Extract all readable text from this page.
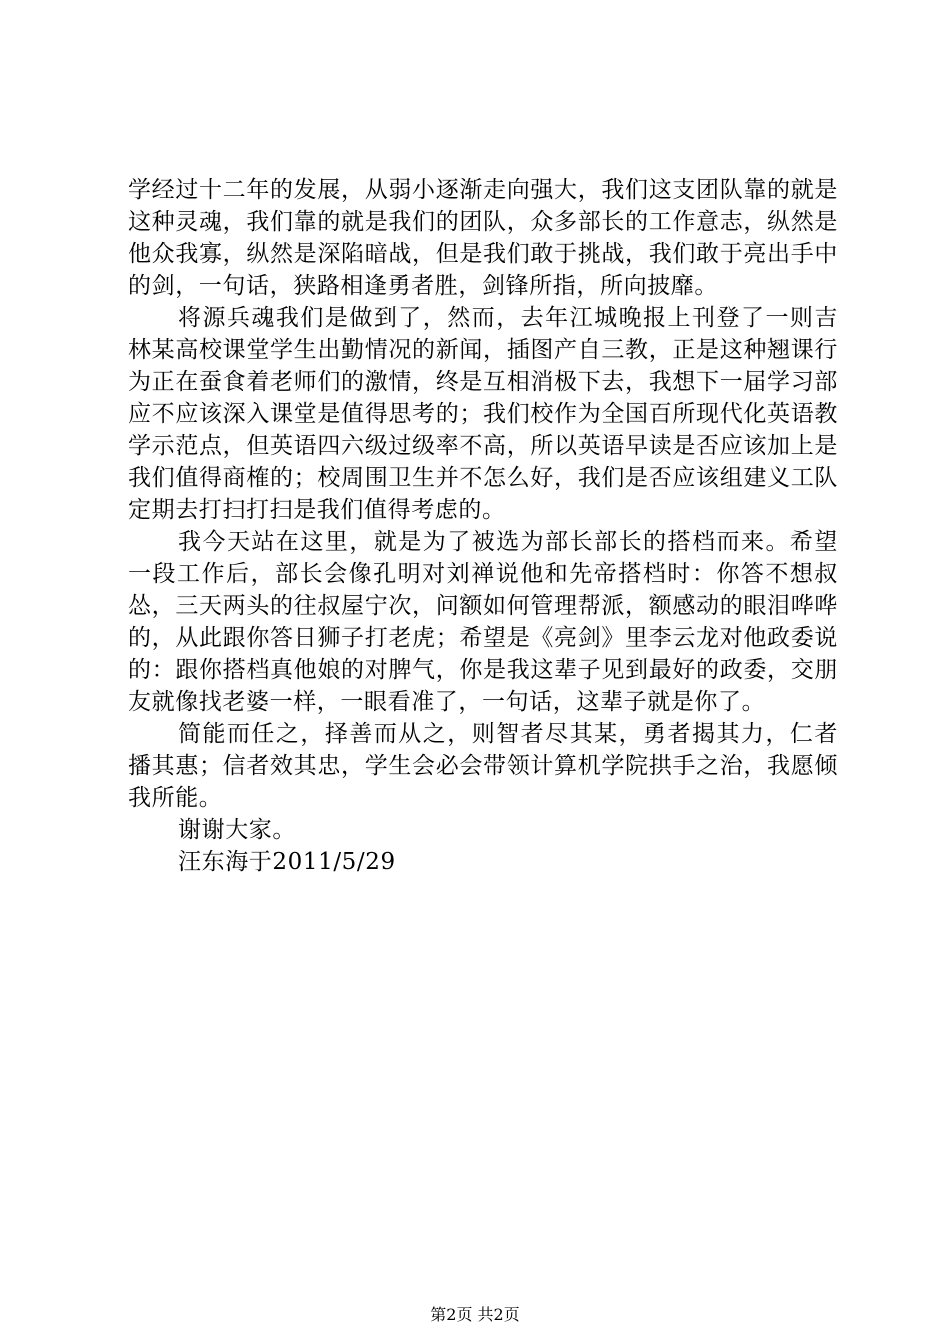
学经过十二年的发展，从弱小逐渐走向强大，我们这支团队靠的就是这种灵魂，我们靠的就是我们的团队，众多部长的工作意志，纵然是他众我寡，纵然是深陷暗战，但是我们敢于挑战，我们敢于亮出手中的剑，一句话，狭路相逢勇者胜，剑锋所指，所向披靡。

将源兵魂我们是做到了，然而，去年江城晚报上刊登了一则吉林某高校课堂学生出勤情况的新闻，插图产自三教，正是这种翘课行为正在蚕食着老师们的激情，终是互相消极下去，我想下一届学习部应不应该深入课堂是值得思考的；我们校作为全国百所现代化英语教学示范点，但英语四六级过级率不高，所以英语早读是否应该加上是我们值得商榷的；校周围卫生并不怎么好，我们是否应该组建义工队定期去打扫打扫是我们值得考虑的。

我今天站在这里，就是为了被选为部长部长的搭档而来。希望一段工作后，部长会像孔明对刘禅说他和先帝搭档时：你答不想叔怂，三天两头的往叔屋宁次，问额如何管理帮派，额感动的眼泪哗哗的，从此跟你答日狮子打老虎；希望是《亮剑》里李云龙对他政委说的：跟你搭档真他娘的对脾气，你是我这辈子见到最好的政委，交朋友就像找老婆一样，一眼看准了，一句话，这辈子就是你了。

简能而任之，择善而从之，则智者尽其某，勇者揭其力，仁者播其惠；信者效其忠，学生会必会带领计算机学院拱手之治，我愿倾我所能。

谢谢大家。

汪东海于2011/5/29

第2页 共2页
